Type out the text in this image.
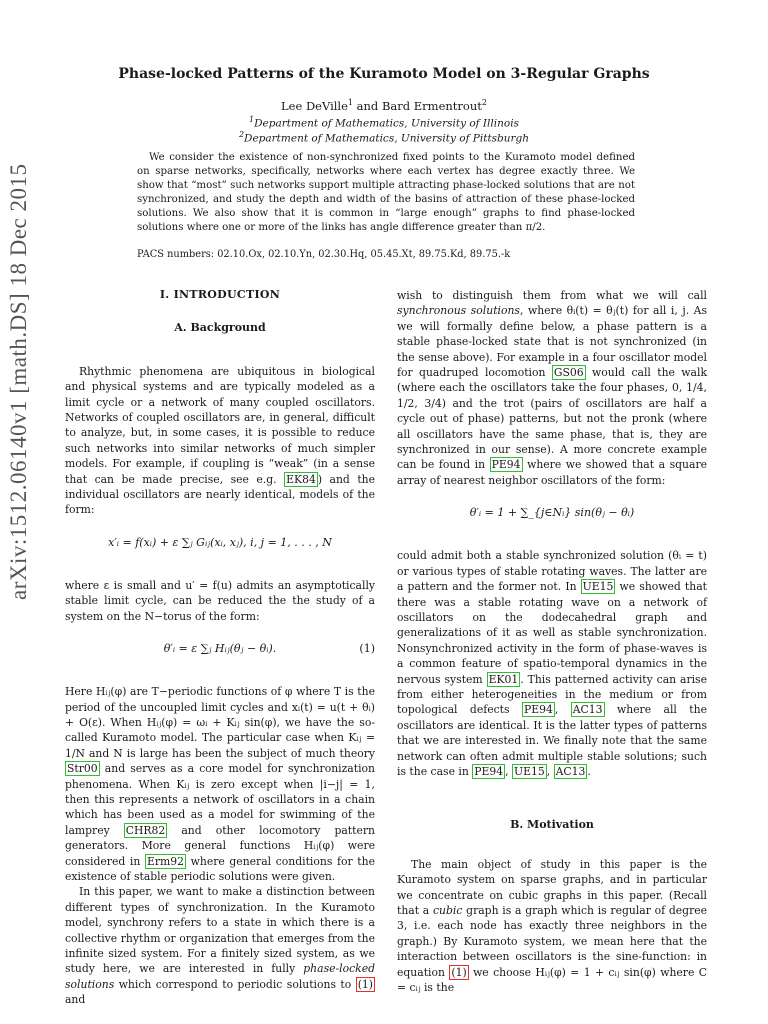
arXiv:1512.06140v1 [math.DS] 18 Dec 2015
Phase-locked Patterns of the Kuramoto Model on 3-Regular Graphs
Lee DeVille$^1$ and Bard Ermentrout$^2$
$^1$Department of Mathematics, University of Illinois
$^2$Department of Mathematics, University of Pittsburgh
We consider the existence of non-synchronized fixed points to the Kuramoto model defined on sparse networks, specifically, networks where each vertex has degree exactly three. We show that “most” such networks support multiple attracting phase-locked solutions that are not synchronized, and study the depth and width of the basins of attraction of these phase-locked solutions. We also show that it is common in “large enough” graphs to find phase-locked solutions where one or more of the links has angle difference greater than π/2.
PACS numbers: 02.10.Ox, 02.10.Yn, 02.30.Hq, 05.45.Xt, 89.75.Kd, 89.75.-k
I. INTRODUCTION
A. Background

Rhythmic phenomena are ubiquitous in biological and physical systems and are typically modeled as a limit cycle or a network of many coupled oscillators. Networks of coupled oscillators are, in general, difficult to analyze, but, in some cases, it is possible to reduce such networks into similar networks of much simpler models. For example, if coupling is “weak” (in a sense that can be made precise, see e.g. EK84 ) and the individual oscillators are nearly identical, models of the form:

x′ᵢ = f(xᵢ) + ε ∑ⱼ Gᵢⱼ(xᵢ, xⱼ), i, j = 1, . . . , N

where ε is small and u′ = f(u) admits an asymptotically stable limit cycle, can be reduced the the study of a system on the N−torus of the form:

θ′ᵢ = ε ∑ⱼ Hᵢⱼ(θⱼ − θᵢ).	(1)

Here Hᵢⱼ(φ) are T−periodic functions of φ where T is the period of the uncoupled limit cycles and xᵢ(t) = u(t + θᵢ) + O(ε). When Hᵢⱼ(φ) = ωᵢ + Kᵢⱼ sin(φ), we have the so-called Kuramoto model. The particular case when Kᵢⱼ = 1/N and N is large has been the subject of much theory Str00 and serves as a core model for synchronization phenomena. When Kᵢⱼ is zero except when |i−j| = 1, then this represents a network of oscillators in a chain which has been used as a model for swimming of the lamprey CHR82 and other locomotory pattern generators. More general functions Hᵢⱼ(φ) were considered in Erm92 where general conditions for the existence of stable periodic solutions were given.

In this paper, we want to make a distinction between different types of synchronization. In the Kuramoto model, synchrony refers to a state in which there is a collective rhythm or organization that emerges from the infinite sized system. For a finitely sized system, as we study here, we are interested in fully phase-locked solutions which correspond to periodic solutions to (1) and

wish to distinguish them from what we will call synchronous solutions, where θᵢ(t) = θⱼ(t) for all i, j. As we will formally define below, a phase pattern is a stable phase-locked state that is not synchronized (in the sense above). For example in a four oscillator model for quadruped locomotion GS06 would call the walk (where each the oscillators take the four phases, 0, 1/4, 1/2, 3/4) and the trot (pairs of oscillators are half a cycle out of phase) patterns, but not the pronk (where all oscillators have the same phase, that is, they are synchronized in our sense). A more concrete example can be found in PE94 where we showed that a square array of nearest neighbor oscillators of the form:

θ′ᵢ = 1 + ∑_{j∈Nᵢ} sin(θⱼ − θᵢ)

could admit both a stable synchronized solution (θᵢ = t) or various types of stable rotating waves. The latter are a pattern and the former not. In UE15 we showed that there was a stable rotating wave on a network of oscillators on the dodecahedral graph and generalizations of it as well as stable synchronization. Nonsynchronized activity in the form of phase-waves is a common feature of spatio-temporal dynamics in the nervous system EK01 . This patterned activity can arise from either heterogeneities in the medium or from topological defects PE94 , AC13 where all the oscillators are identical. It is the latter types of patterns that we are interested in. We finally note that the same network can often admit multiple stable solutions; such is the case in PE94 , UE15 , AC13 .

B. Motivation

The main object of study in this paper is the Kuramoto system on sparse graphs, and in particular we concentrate on cubic graphs in this paper. (Recall that a cubic graph is a graph which is regular of degree 3, i.e. each node has exactly three neighbors in the graph.) By Kuramoto system, we mean here that the interaction between oscillators is the sine-function: in equation (1) we choose Hᵢⱼ(φ) = 1 + cᵢⱼ sin(φ) where C = cᵢⱼ is the
